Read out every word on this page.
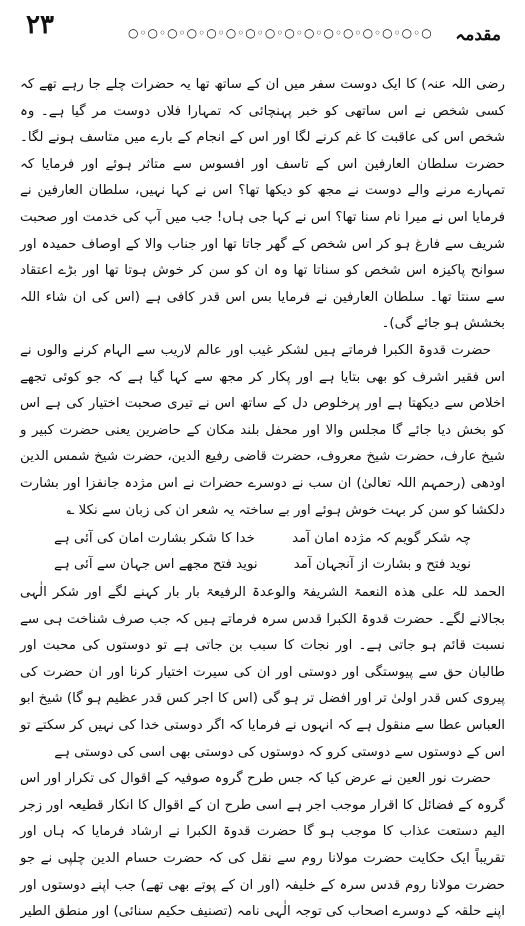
۲۳	○◦○◦○◦○◦○◦○◦○◦○◦○◦○◦○◦○◦○◦○◦○◦○ مقدمہ

رضی اللہ عنہ) کا ایک دوست سفر میں ان کے ساتھ تھا یہ حضرات چلے جا رہے تھے کہ کسی شخص نے اس ساتھی کو خبر پہنچائی کہ تمہارا فلاں دوست مر گیا ہے۔ وہ شخص اس کی عاقبت کا غم کرنے لگا اور اس کے انجام کے بارے میں متاسف ہونے لگا۔ حضرت سلطان العارفین اس کے تاسف اور افسوس سے متاثر ہوئے اور فرمایا کہ تمہارے مرنے والے دوست نے مجھ کو دیکھا تھا؟ اس نے کہا نہیں، سلطان العارفین نے فرمایا اس نے میرا نام سنا تھا؟ اس نے کہا جی ہاں! جب میں آپ کی خدمت اور صحبت شریف سے فارغ ہو کر اس شخص کے گھر جاتا تھا اور جناب والا کے اوصاف حمیدہ اور سوانح پاکیزہ اس شخص کو سناتا تھا وہ ان کو سن کر خوش ہوتا تھا اور بڑے اعتقاد سے سنتا تھا۔ سلطان العارفین نے فرمایا بس اس قدر کافی ہے (اس کی ان شاء اللہ بخشش ہو جائے گی)۔

حضرت قدوۃ الکبرا فرماتے ہیں لشکر غیب اور عالم لاریب سے الہام کرنے والوں نے اس فقیر اشرف کو بھی بتایا ہے اور پکار کر مجھ سے کہا گیا ہے کہ جو کوئی تجھے اخلاص سے دیکھتا ہے اور پرخلوص دل کے ساتھ اس نے تیری صحبت اختیار کی ہے اس کو بخش دیا جائے گا مجلس والا اور محفل بلند مکان کے حاضرین یعنی حضرت کبیر و شیخ عارف، حضرت شیخ معروف، حضرت قاضی رفیع الدین، حضرت شیخ شمس الدین اودھی (رحمہم اللہ تعالیٰ) ان سب نے دوسرے حضرات نے اس مژدہ جانفزا اور بشارت دلکشا کو سن کر بہت خوش ہوئے اور بے ساختہ یہ شعر ان کی زبان سے نکلا ؎

چہ شکر گویم کہ مژدہ امان آمد
خدا کا شکر بشارت امان کی آئی ہے
نوید فتح و بشارت از آنجہان آمد
نوید فتح مجھے اس جہان سے آئی ہے

الحمد للہ علی ھذہ النعمۃ الشریفۃ والوعدۃ الرفیعۃ بار بار کہنے لگے اور شکر الٰہی بجالانے لگے۔ حضرت قدوۃ الکبرا قدس سرہ فرماتے ہیں کہ جب صرف شناخت ہی سے نسبت قائم ہو جاتی ہے۔ اور نجات کا سبب بن جاتی ہے تو دوستوں کی محبت اور طالبان حق سے پیوستگی اور دوستی اور ان کی سیرت اختیار کرنا اور ان حضرت کی پیروی کس قدر اولیٰ تر اور افضل تر ہو گی (اس کا اجر کس قدر عظیم ہو گا) شیخ ابو العباس عطا سے منقول ہے کہ انہوں نے فرمایا کہ اگر دوستی خدا کی نہیں کر سکتے تو اس کے دوستوں سے دوستی کرو کہ دوستوں کی دوستی بھی اسی کی دوستی ہے

حضرت نور العین نے عرض کیا کہ جس طرح گروہ صوفیہ کے اقوال کی تکرار اور اس گروہ کے فضائل کا اقرار موجب اجر ہے اسی طرح ان کے اقوال کا انکار قطیعہ اور زجر الیم دستعت عذاب کا موجب ہو گا حضرت قدوۃ الکبرا نے ارشاد فرمایا کہ ہاں اور تقریباً ایک حکایت حضرت مولانا روم سے نقل کی کہ حضرت حسام الدین چلپی نے جو حضرت مولانا روم قدس سرہ کے خلیفہ (اور ان کے پوتے بھی تھے) جب اپنے دوستوں اور اپنے حلقہ کے دوسرے اصحاب کی توجہ الٰہی نامہ (تصنیف حکیم سنائی) اور منطق الطیر
